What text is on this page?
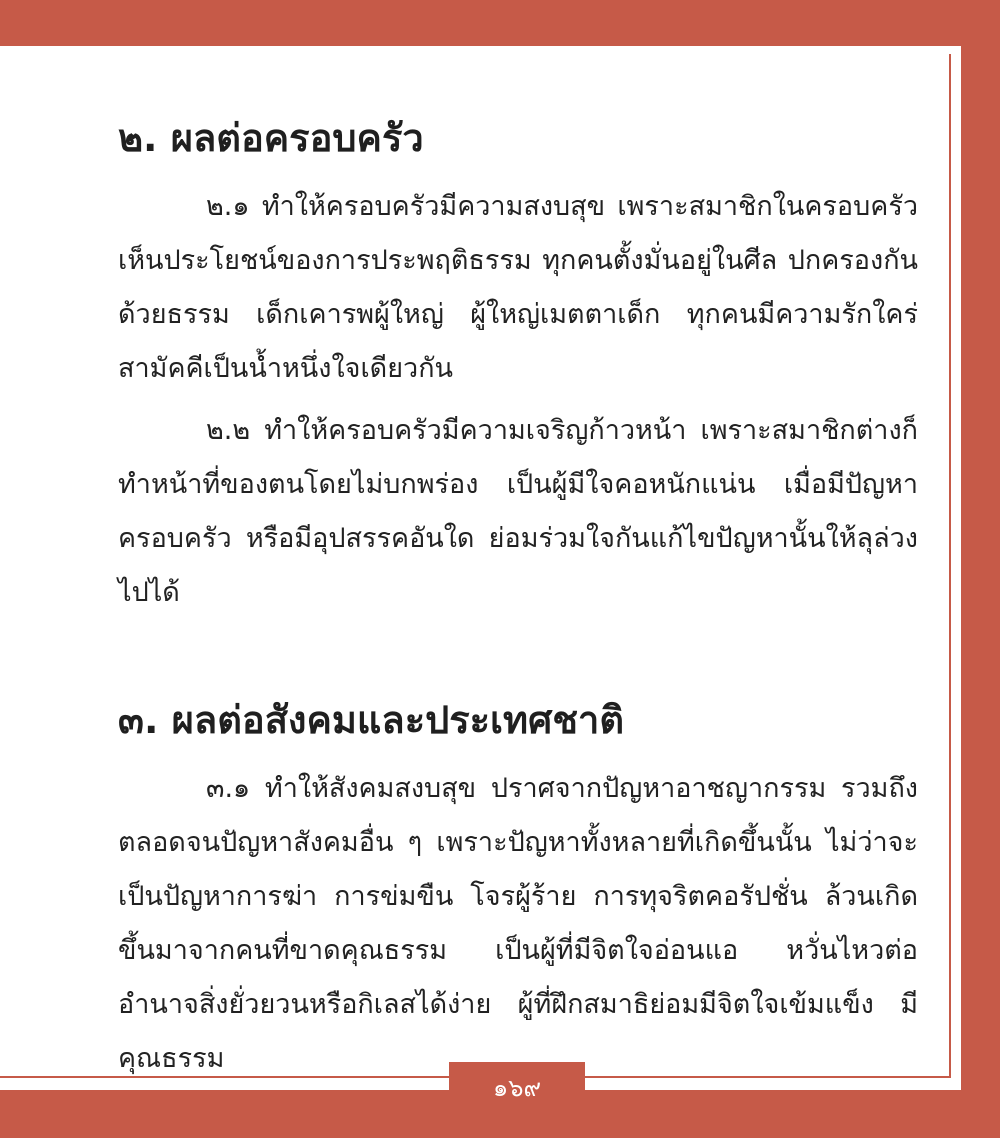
๒. ผลต่อครอบครัว

๒.๑ ทำให้ครอบครัวมีความสงบสุข เพราะสมาชิกในครอบครัวเห็นประโยชน์ของการประพฤติธรรม ทุกคนตั้งมั่นอยู่ในศีล ปกครองกันด้วยธรรม เด็กเคารพผู้ใหญ่ ผู้ใหญ่เมตตาเด็ก ทุกคนมีความรักใคร่สามัคคีเป็นน้ำหนึ่งใจเดียวกัน

๒.๒ ทำให้ครอบครัวมีความเจริญก้าวหน้า เพราะสมาชิกต่างก็ทำหน้าที่ของตนโดยไม่บกพร่อง เป็นผู้มีใจคอหนักแน่น เมื่อมีปัญหาครอบครัว หรือมีอุปสรรคอันใด ย่อมร่วมใจกันแก้ไขปัญหานั้นให้ลุล่วงไปได้

๓. ผลต่อสังคมและประเทศชาติ

๓.๑ ทำให้สังคมสงบสุข ปราศจากปัญหาอาชญากรรม รวมถึงตลอดจนปัญหาสังคมอื่น ๆ เพราะปัญหาทั้งหลายที่เกิดขึ้นนั้น ไม่ว่าจะเป็นปัญหาการฆ่า การข่มขืน โจรผู้ร้าย การทุจริตคอรัปชั่น ล้วนเกิดขึ้นมาจากคนที่ขาดคุณธรรม เป็นผู้ที่มีจิตใจอ่อนแอ หวั่นไหวต่ออำนาจสิ่งยั่วยวนหรือกิเลสได้ง่าย ผู้ที่ฝึกสมาธิย่อมมีจิตใจเข้มแข็ง มีคุณธรรม

๑๖๙
